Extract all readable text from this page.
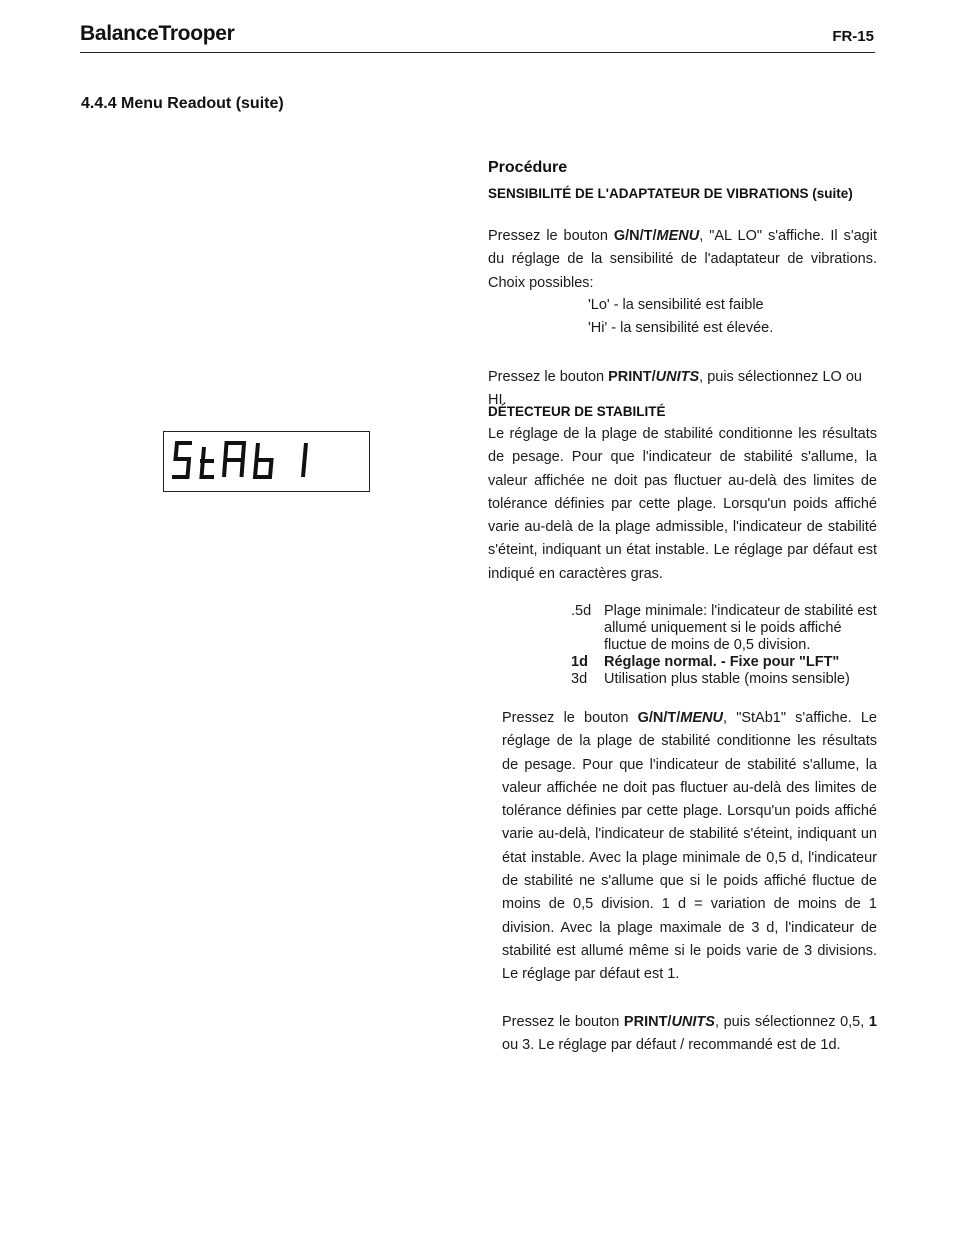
BalanceTrooper	FR-15
4.4.4 Menu Readout (suite)
Procédure
SENSIBILITÉ DE L'ADAPTATEUR DE VIBRATIONS (suite)

Pressez le bouton G/N/T/MENU, "AL LO" s'affiche. Il s'agit du réglage de la sensibilité de l'adaptateur de vibrations. Choix possibles:

'Lo' - la sensibilité est faible
'Hi' - la sensibilité est élevée.

Pressez le bouton PRINT/UNITS, puis sélectionnez LO ou HI.

DÉTECTEUR DE STABILITÉ

Le réglage de la plage de stabilité conditionne les résultats de pesage. Pour que l'indicateur de stabilité s'allume, la valeur affichée ne doit pas fluctuer au-delà des limites de tolérance définies par cette plage. Lorsqu'un poids affiché varie au-delà de la plage admissible, l'indicateur de stabilité s'éteint, indiquant un état instable. Le réglage par défaut est indiqué en caractères gras.

.5d Plage minimale: l'indicateur de stabilité est allumé uniquement si le poids affiché fluctue de moins de 0,5 division.
1d	Réglage normal. - Fixe pour "LFT"
3d	Utilisation plus stable (moins sensible)

Pressez le bouton G/N/T/MENU, "StAb1" s'affiche. Le réglage de la plage de stabilité conditionne les résultats de pesage. Pour que l'indicateur de stabilité s'allume, la valeur affichée ne doit pas fluctuer au-delà des limites de tolérance définies par cette plage. Lorsqu'un poids affiché varie au-delà, l'indicateur de stabilité s'éteint, indiquant un état instable. Avec la plage minimale de 0,5 d, l'indicateur de stabilité ne s'allume que si le poids affiché fluctue de moins de 0,5 division. 1 d = variation de moins de 1 division. Avec la plage maximale de 3 d, l'indicateur de stabilité est allumé même si le poids varie de 3 divisions. Le réglage par défaut est 1.

Pressez le bouton PRINT/UNITS, puis sélectionnez 0,5, 1 ou 3. Le réglage par défaut / recommandé est de 1d.
